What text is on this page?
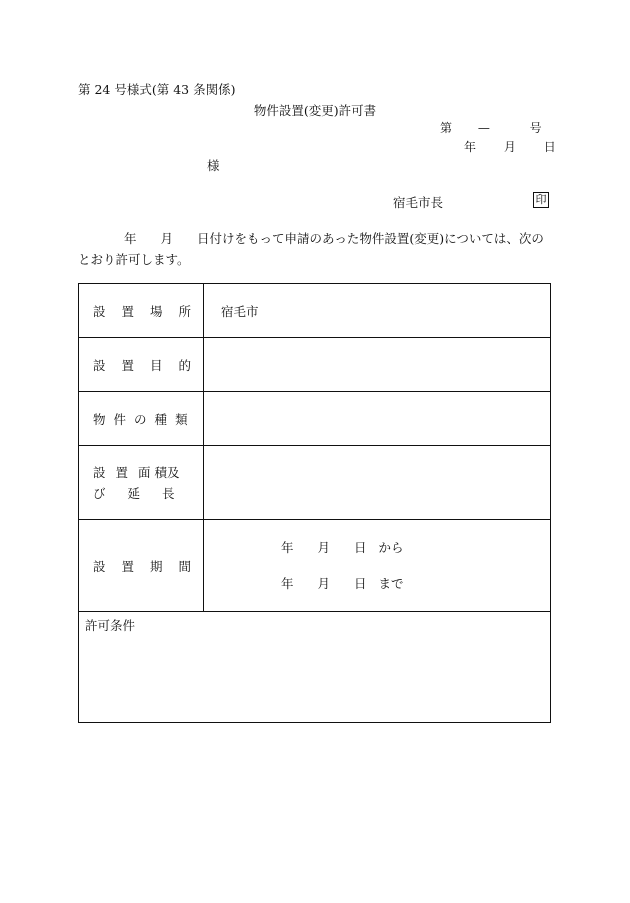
第 24 号様式(第 43 条関係)
物件設置(変更)許可書
第 —	号
年 月 日
様
宿毛市長	印
年 月 日付けをもって申請のあった物件設置(変更)については、次のとおり許可します。
設 置 場 所	宿毛市
設 置 目 的	
物 件 の 種 類	

設 置 面 積及
び 延 長	

設 置 期 間	年 月 日 から
年 月 日 まで

許可条件	
